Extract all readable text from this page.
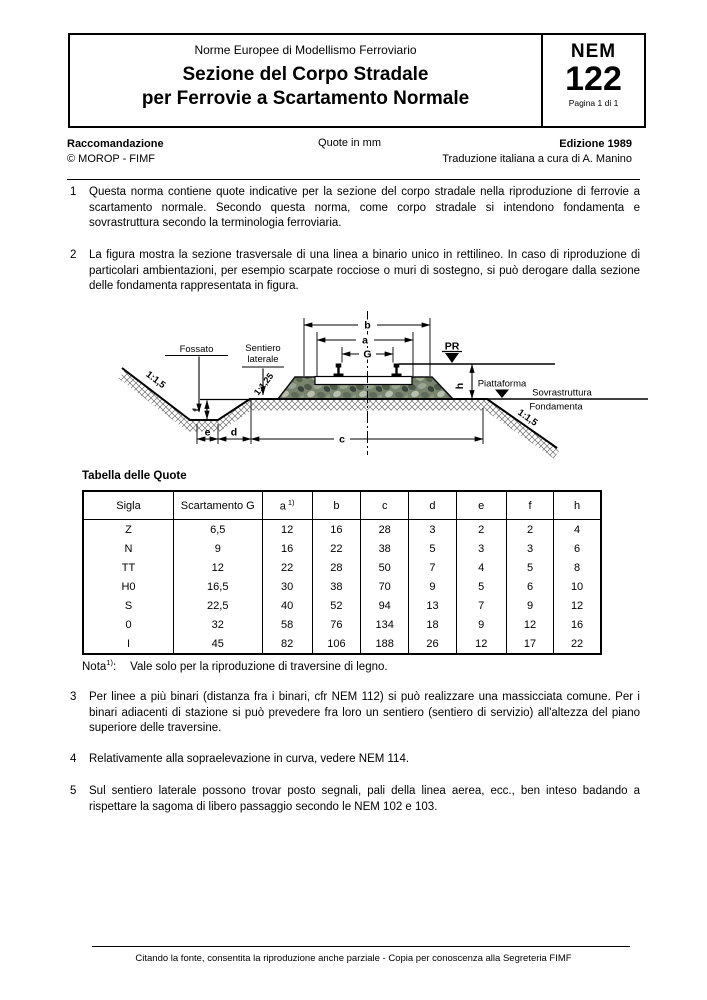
Norme Europee di Modellismo Ferroviario
Sezione del Corpo Stradale
per Ferrovie a Scartamento Normale
NEM
122
Pagina 1 di 1
Raccomandazione
© MOROP - FIMF
Quote in mm	Edizione 1989
Traduzione italiana a cura di A. Manino
1	Questa norma contiene quote indicative per la sezione del corpo stradale nella riproduzione di ferrovie a scartamento normale. Secondo questa norma, come corpo stradale si intendono fondamenta e sovrastruttura secondo la terminologia ferroviaria.
2	La figura mostra la sezione trasversale di una linea a binario unico in rettilineo. In caso di riproduzione di particolari ambientazioni, per esempio scarpate rocciose o muri di sostegno, si può derogare dalla sezione delle fondamenta rappresentata in figura.
b
a
G
PR
h
f
e d
c
Fossato	Sentiero
laterale
Piattaforma
Sovrastruttura
Fondamenta
1:1,5	1:1,25
1:1,5
Tabella delle Quote
Sigla	Scartamento G	a $^{1)}$	b	c	d	e	f	h
Z	6,5	12	16	28	3	2	2	4
N	9	16	22	38	5	3	3	6
TT	12	22	28	50	7	4	5	8
H0	16,5	30	38	70	9	5	6	10
S	22,5	40	52	94	13	7	9	12
0	32	58	76	134	18	9	12	16
I	45	82	106	188	26	12	17	22
Nota$^{1)}$: Vale solo per la riproduzione di traversine di legno.
3	Per linee a più binari (distanza fra i binari, cfr NEM 112) si può realizzare una massicciata comune. Per i binari adiacenti di stazione si può prevedere fra loro un sentiero (sentiero di servizio) all'altezza del piano superiore delle traversine.
4	Relativamente alla sopraelevazione in curva, vedere NEM 114.
5	Sul sentiero laterale possono trovar posto segnali, pali della linea aerea, ecc., ben inteso badando a rispettare la sagoma di libero passaggio secondo le NEM 102 e 103.
Citando la fonte, consentita la riproduzione anche parziale - Copia per conoscenza alla Segreteria FIMF
